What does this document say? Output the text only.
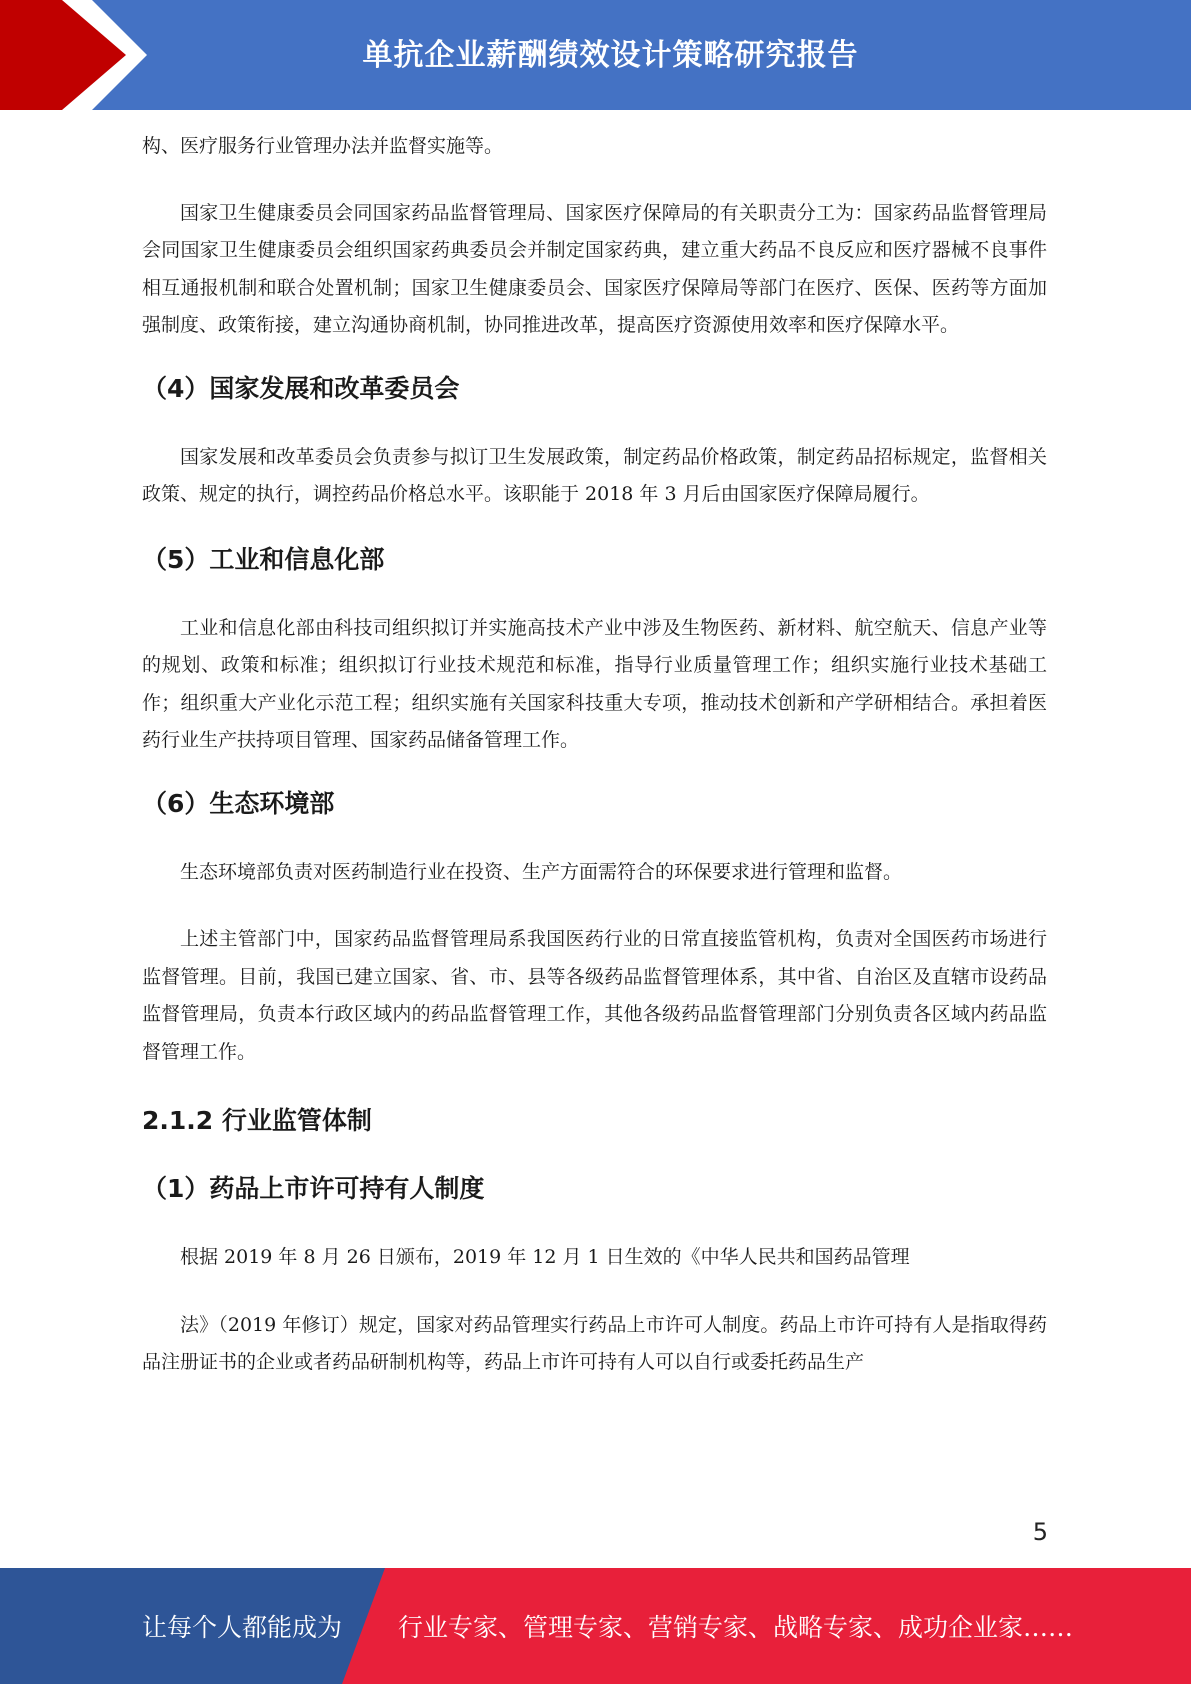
单抗企业薪酬绩效设计策略研究报告

构、医疗服务行业管理办法并监督实施等。

国家卫生健康委员会同国家药品监督管理局、国家医疗保障局的有关职责分工为：国家药品监督管理局会同国家卫生健康委员会组织国家药典委员会并制定国家药典，建立重大药品不良反应和医疗器械不良事件相互通报机制和联合处置机制；国家卫生健康委员会、国家医疗保障局等部门在医疗、医保、医药等方面加强制度、政策衔接，建立沟通协商机制，协同推进改革，提高医疗资源使用效率和医疗保障水平。

（4）国家发展和改革委员会

国家发展和改革委员会负责参与拟订卫生发展政策，制定药品价格政策，制定药品招标规定，监督相关政策、规定的执行，调控药品价格总水平。该职能于 2018 年 3 月后由国家医疗保障局履行。

（5）工业和信息化部

工业和信息化部由科技司组织拟订并实施高技术产业中涉及生物医药、新材料、航空航天、信息产业等的规划、政策和标准；组织拟订行业技术规范和标准，指导行业质量管理工作；组织实施行业技术基础工作；组织重大产业化示范工程；组织实施有关国家科技重大专项，推动技术创新和产学研相结合。承担着医药行业生产扶持项目管理、国家药品储备管理工作。

（6）生态环境部

生态环境部负责对医药制造行业在投资、生产方面需符合的环保要求进行管理和监督。

上述主管部门中，国家药品监督管理局系我国医药行业的日常直接监管机构，负责对全国医药市场进行监督管理。目前，我国已建立国家、省、市、县等各级药品监督管理体系，其中省、自治区及直辖市设药品监督管理局，负责本行政区域内的药品监督管理工作，其他各级药品监督管理部门分别负责各区域内药品监督管理工作。

2.1.2 行业监管体制
（1）药品上市许可持有人制度

根据 2019 年 8 月 26 日颁布，2019 年 12 月 1 日生效的《中华人民共和国药品管理

法》（2019 年修订）规定，国家对药品管理实行药品上市许可人制度。药品上市许可持有人是指取得药品注册证书的企业或者药品研制机构等，药品上市许可持有人可以自行或委托药品生产

5
让每个人都能成为 行业专家、管理专家、营销专家、战略专家、成功企业家……
